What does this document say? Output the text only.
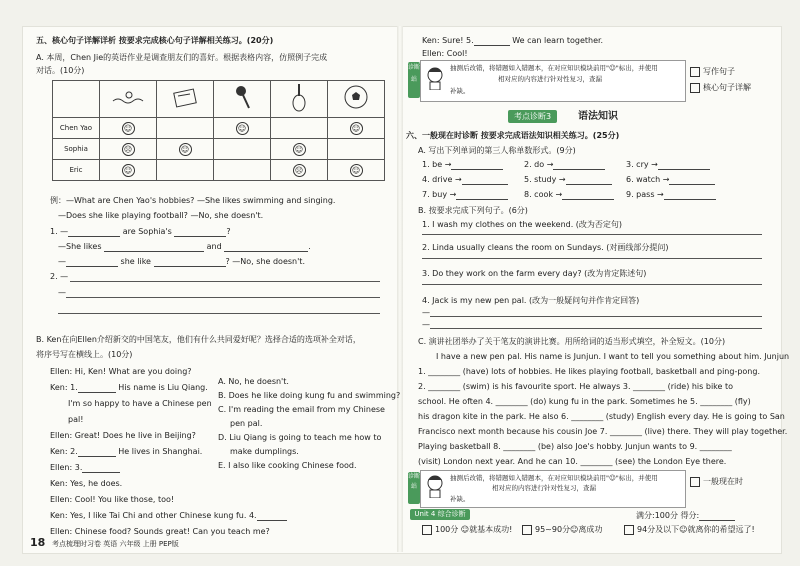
五、核心句子详解详析 按要求完成核心句子详解相关练习。(20分)
A. 本周，Chen Jie的英语作业是调查朋友们的喜好。根据表格内容，仿照例子完成
对话。(10分)

Chen Yao	☺		☺		☺
Sophia	☹	☺		☺	
Eric	☺			☹	☺
例：—What are Chen Yao's hobbies? —She likes swimming and singing.
—Does she like playing football? —No, she doesn't.
1. —	are Sophia's	?
—She likes	and	.
—	she like	? —No, she doesn't.
2. —
—
B. Ken在向Ellen介绍新交的中国笔友，他们有什么共同爱好呢？选择合适的选项补全对话，
将序号写在横线上。(10分)
Ellen: Hi, Ken! What are you doing?
Ken: 1.	His name is Liu Qiang.
I'm so happy to have a Chinese pen
pal!
Ellen: Great! Does he live in Beijing?
Ken: 2.	He lives in Shanghai.
Ellen: 3.
Ken: Yes, he does.
Ellen: Cool! You like those, too!
Ken: Yes, I like Tai Chi and other Chinese kung fu. 4.
Ellen: Chinese food? Sounds great! Can you teach me?
A. No, he doesn't.
B. Does he like doing kung fu and swimming?
C. I'm reading the email from my Chinese
pen pal.
D. Liu Qiang is going to teach me how to
make dumplings.
E. I also like cooking Chinese food.
18 考点梳理时习卷 英语 六年级 上册 PEP版
Ken: Sure! 5.	We can learn together.
Ellen: Cool!
诊断站
抽测后改错，将错题如入错题本，在对应知识模块前用"☺"标出，并使用
相对应的内容进行针对性复习，查漏
补缺。
写作句子
核心句子详解
考点诊断3	语法知识
六、一般现在时诊断 按要求完成语法知识相关练习。(25分)
A. 写出下列单词的第三人称单数形式。(9分)
1. be →	2. do →	3. cry →
4. drive →	5. study →	6. watch →
7. buy →	8. cook →	9. pass →
B. 按要求完成下列句子。(6分)
1. I wash my clothes on the weekend. (改为否定句)
2. Linda usually cleans the room on Sundays. (对画线部分提问)
3. Do they work on the farm every day? (改为肯定陈述句)
4. Jack is my new pen pal. (改为一般疑问句并作肯定回答)
—
—
C. 演讲社团举办了关于笔友的演讲比赛。用所给词的适当形式填空，补全短文。(10分)
I have a new pen pal. His name is Junjun. I want to tell you something about him. Junjun
1. ________ (have) lots of hobbies. He likes playing football, basketball and ping-pong.
2. ________ (swim) is his favourite sport. He always 3. ________ (ride) his bike to
school. He often 4. ________ (do) kung fu in the park. Sometimes he 5. ________ (fly)
his dragon kite in the park. He also 6. ________ (study) English every day. He is going to San
Francisco next month because his cousin Joe 7. ________ (live) there. They will play together.
Playing basketball 8. ________ (be) also Joe's hobby. Junjun wants to 9. ________
(visit) London next year. And he can 10. ________ (see) the London Eye there.
诊断站
抽测后改错，将错题如入错题本，在对应知识模块前用"☺"标出，并使用
相对应的内容进行针对性复习，查漏
补缺。
一般现在时
Unit 4 综合诊断	满分:100分 得分:
100分 ☺就基本成功!	95~90分☺离成功	94分及以下☺就离你的希望远了!
